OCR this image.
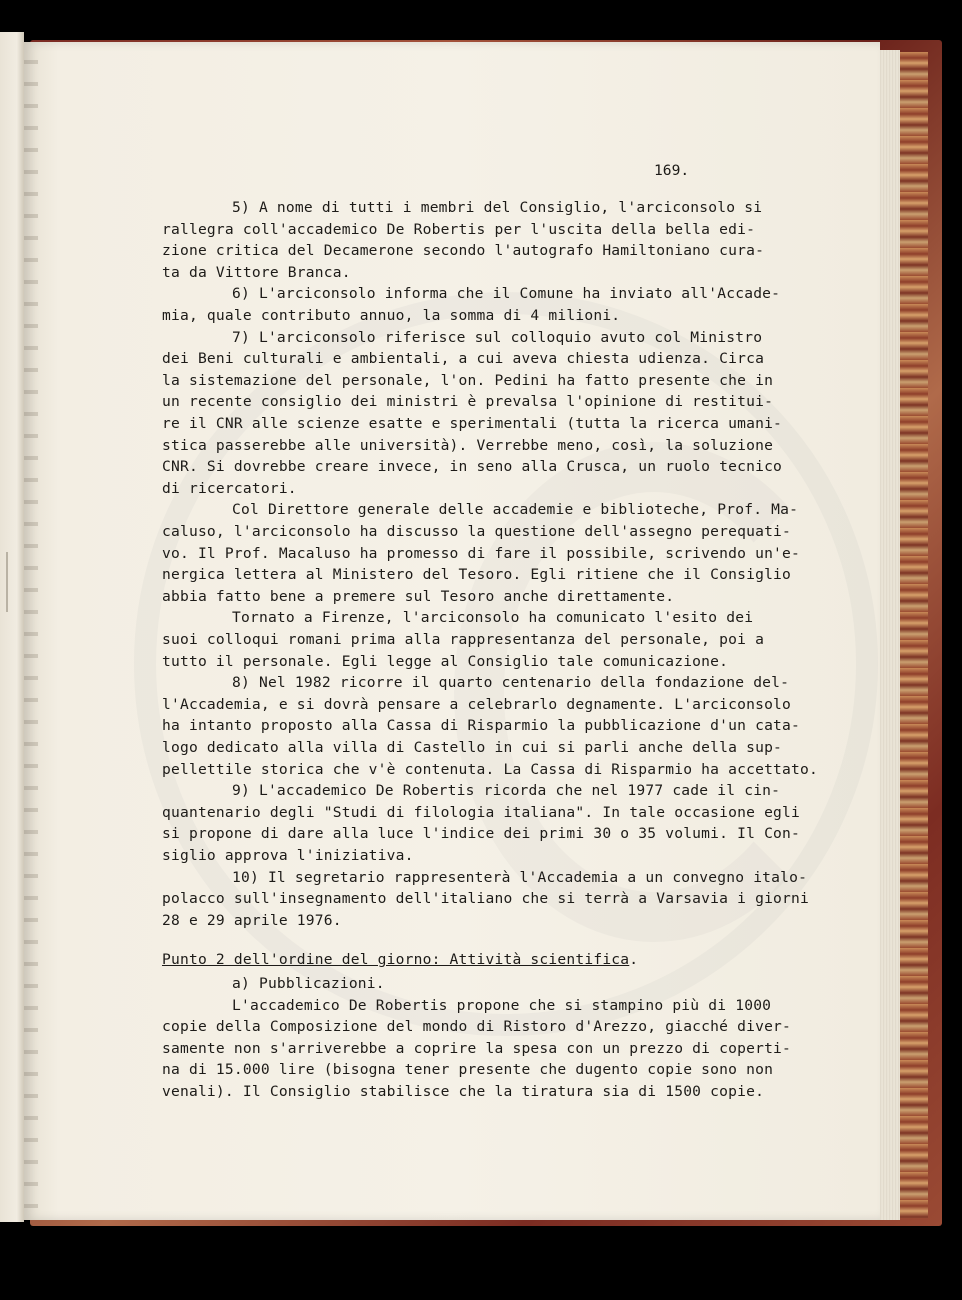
169.

5) A nome di tutti i membri del Consiglio, l'arciconsolo si
rallegra coll'accademico De Robertis per l'uscita della bella edi-
zione critica del Decamerone secondo l'autografo Hamiltoniano cura-
ta da Vittore Branca.

6) L'arciconsolo informa che il Comune ha inviato all'Accade-
mia, quale contributo annuo, la somma di 4 milioni.

7) L'arciconsolo riferisce sul colloquio avuto col Ministro
dei Beni culturali e ambientali, a cui aveva chiesta udienza. Circa
la sistemazione del personale, l'on. Pedini ha fatto presente che in
un recente consiglio dei ministri è prevalsa l'opinione di restitui-
re il CNR alle scienze esatte e sperimentali (tutta la ricerca umani-
stica passerebbe alle università). Verrebbe meno, così, la soluzione
CNR. Si dovrebbe creare invece, in seno alla Crusca, un ruolo tecnico
di ricercatori.

Col Direttore generale delle accademie e biblioteche, Prof. Ma-
caluso, l'arciconsolo ha discusso la questione dell'assegno perequati-
vo. Il Prof. Macaluso ha promesso di fare il possibile, scrivendo un'e-
nergica lettera al Ministero del Tesoro. Egli ritiene che il Consiglio
abbia fatto bene a premere sul Tesoro anche direttamente.

Tornato a Firenze, l'arciconsolo ha comunicato l'esito dei
suoi colloqui romani prima alla rappresentanza del personale, poi a
tutto il personale. Egli legge al Consiglio tale comunicazione.

8) Nel 1982 ricorre il quarto centenario della fondazione del-
l'Accademia, e si dovrà pensare a celebrarlo degnamente. L'arciconsolo
ha intanto proposto alla Cassa di Risparmio la pubblicazione d'un cata-
logo dedicato alla villa di Castello in cui si parli anche della sup-
pellettile storica che v'è contenuta. La Cassa di Risparmio ha accettato.

9) L'accademico De Robertis ricorda che nel 1977 cade il cin-
quantenario degli "Studi di filologia italiana". In tale occasione egli
si propone di dare alla luce l'indice dei primi 30 o 35 volumi. Il Con-
siglio approva l'iniziativa.

10) Il segretario rappresenterà l'Accademia a un convegno italo-
polacco sull'insegnamento dell'italiano che si terrà a Varsavia i giorni
28 e 29 aprile 1976.

Punto 2 dell'ordine del giorno: Attività scientifica.

a) Pubblicazioni.

L'accademico De Robertis propone che si stampino più di 1000
copie della Composizione del mondo di Ristoro d'Arezzo, giacché diver-
samente non s'arriverebbe a coprire la spesa con un prezzo di coperti-
na di 15.000 lire (bisogna tener presente che dugento copie sono non
venali). Il Consiglio stabilisce che la tiratura sia di 1500 copie.
